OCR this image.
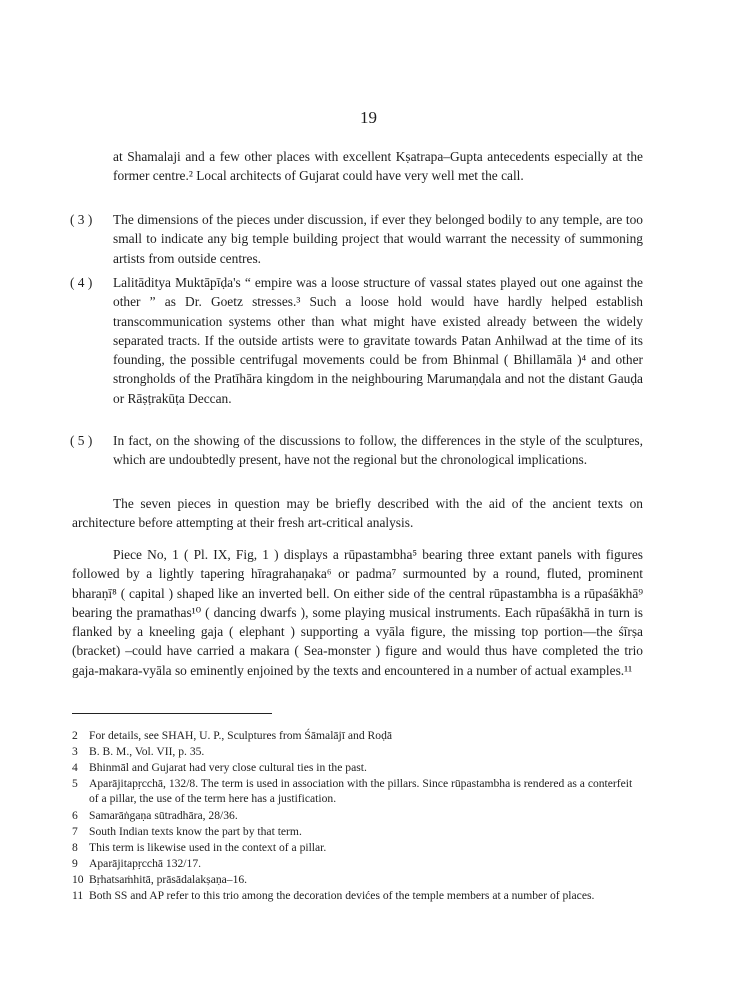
19
at Shamalaji and a few other places with excellent Kṣatrapa–Gupta antecedents especially at the former centre.² Local architects of Gujarat could have very well met the call.
( 3 ) The dimensions of the pieces under discussion, if ever they belonged bodily to any temple, are too small to indicate any big temple building project that would warrant the necessity of summoning artists from outside centres.
( 4 ) Lalitāditya Muktāpīḍa's “ empire was a loose structure of vassal states played out one against the other ” as Dr. Goetz stresses.³ Such a loose hold would have hardly helped establish transcommunication systems other than what might have existed already between the widely separated tracts. If the outside artists were to gravitate towards Patan Anhilwad at the time of its founding, the possible centrifugal movements could be from Bhinmal ( Bhillamāla )⁴ and other strongholds of the Pratīhāra kingdom in the neighbouring Marumaṇḍala and not the distant Gauḍa or Rāṣṭrakūṭa Deccan.
( 5 ) In fact, on the showing of the discussions to follow, the differences in the style of the sculptures, which are undoubtedly present, have not the regional but the chronological implications.
The seven pieces in question may be briefly described with the aid of the ancient texts on architecture before attempting at their fresh art-critical analysis.
Piece No, 1 ( Pl. IX, Fig, 1 ) displays a rūpastambha⁵ bearing three extant panels with figures followed by a lightly tapering hīragrahaṇaka⁶ or padma⁷ surmounted by a round, fluted, prominent bharaṇī⁸ ( capital ) shaped like an inverted bell. On either side of the central rūpastambha is a rūpaśākhā⁹ bearing the pramathas¹⁰ ( dancing dwarfs ), some playing musical instruments. Each rūpaśākhā in turn is flanked by a kneeling gaja ( elephant ) supporting a vyāla figure, the missing top portion—the śīrṣa (bracket) –could have carried a makara ( Sea-monster ) figure and would thus have completed the trio gaja-makara-vyāla so eminently enjoined by the texts and encountered in a number of actual examples.¹¹
2 For details, see SHAH, U. P., Sculptures from Śāmalājī and Roḍā
3 B. B. M., Vol. VII, p. 35.
4 Bhinmāl and Gujarat had very close cultural ties in the past.
5 Aparājitapṛcchā, 132/8. The term is used in association with the pillars. Since rūpastambha is rendered as a conterfeit of a pillar, the use of the term here has a justification.
6 Samarāṅgaṇa sūtradhāra, 28/36.
7 South Indian texts know the part by that term.
8 This term is likewise used in the context of a pillar.
9 Aparājitapṛcchā 132/17.
10 Bṛhatsaṁhitā, prāsādalakṣaṇa–16.
11 Both SS and AP refer to this trio among the decoration devićes of the temple members at a number of places.
